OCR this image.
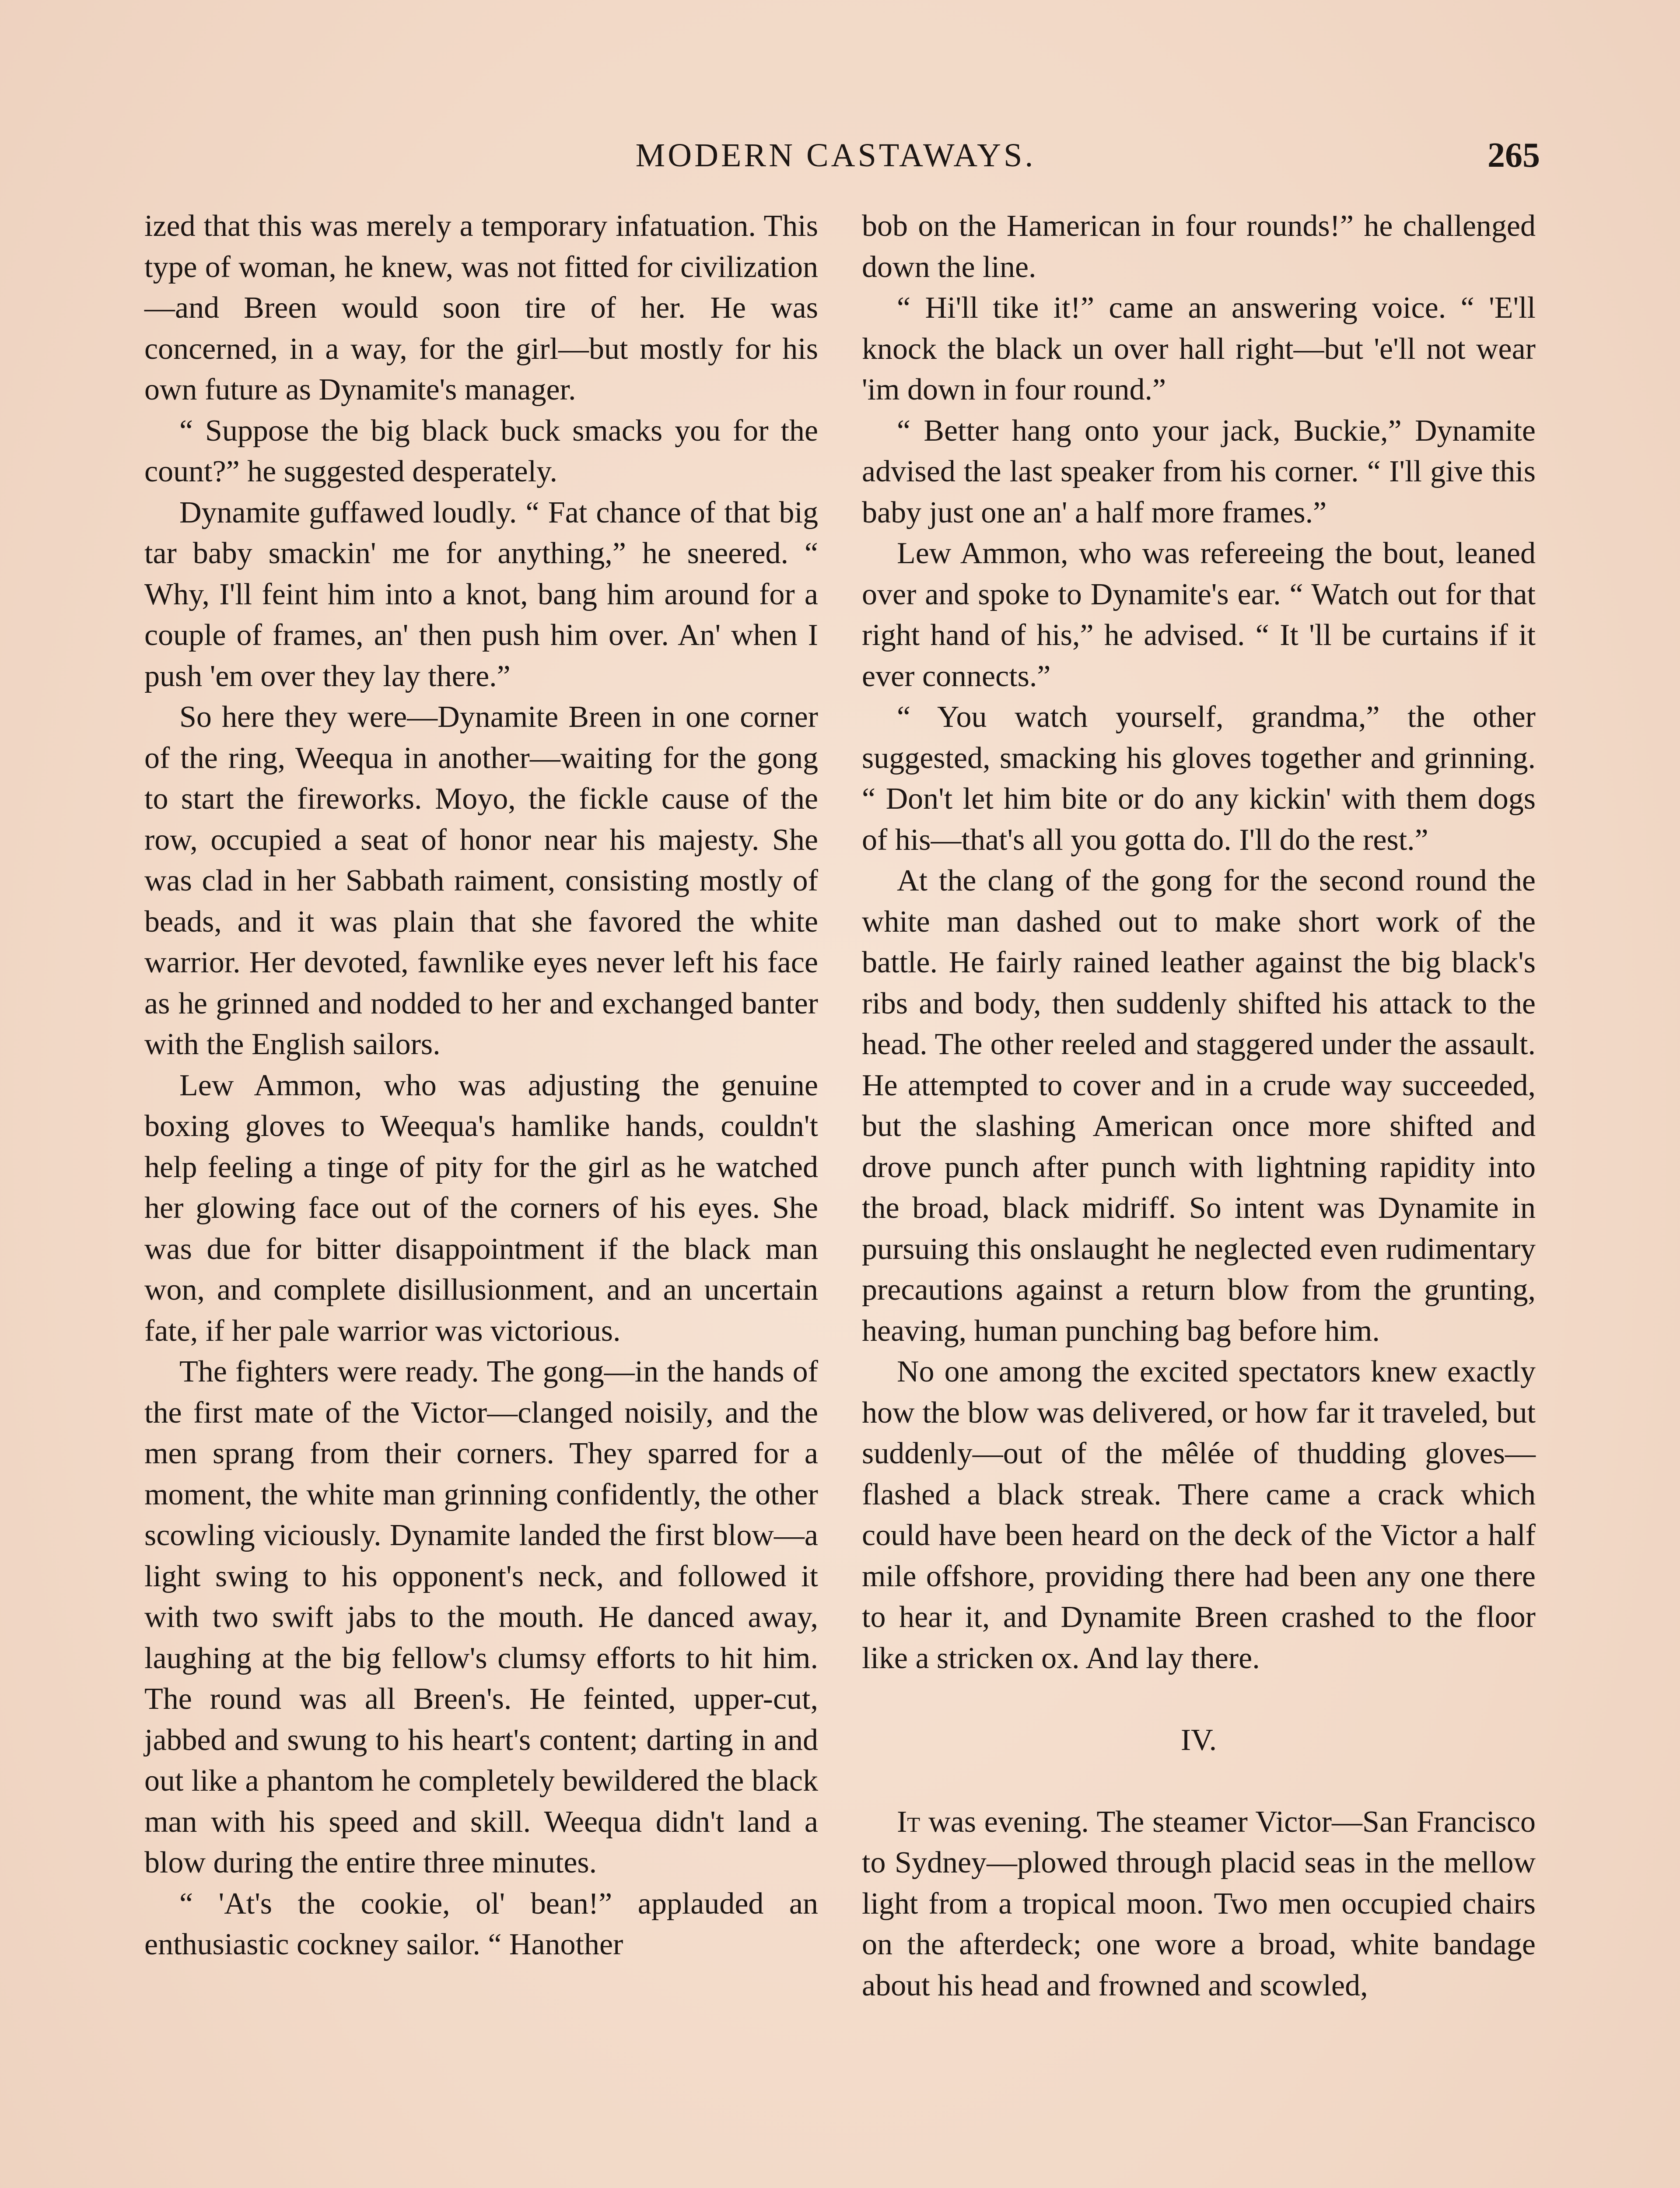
MODERN CASTAWAYS.	265

ized that this was merely a temporary infatuation. This type of woman, he knew, was not fitted for civilization—and Breen would soon tire of her. He was concerned, in a way, for the girl—but mostly for his own future as Dynamite's manager.

“ Suppose the big black buck smacks you for the count?” he suggested desperately.

Dynamite guffawed loudly. “ Fat chance of that big tar baby smackin' me for anything,” he sneered. “ Why, I'll feint him into a knot, bang him around for a couple of frames, an' then push him over. An' when I push 'em over they lay there.”

So here they were—Dynamite Breen in one corner of the ring, Weequa in another—waiting for the gong to start the fireworks. Moyo, the fickle cause of the row, occupied a seat of honor near his majesty. She was clad in her Sabbath raiment, consisting mostly of beads, and it was plain that she favored the white warrior. Her devoted, fawnlike eyes never left his face as he grinned and nodded to her and exchanged banter with the English sailors.

Lew Ammon, who was adjusting the genuine boxing gloves to Weequa's hamlike hands, couldn't help feeling a tinge of pity for the girl as he watched her glowing face out of the corners of his eyes. She was due for bitter disappointment if the black man won, and complete disillusionment, and an uncertain fate, if her pale warrior was victorious.

The fighters were ready. The gong—in the hands of the first mate of the Victor—clanged noisily, and the men sprang from their corners. They sparred for a moment, the white man grinning confidently, the other scowling viciously. Dynamite landed the first blow—a light swing to his opponent's neck, and followed it with two swift jabs to the mouth. He danced away, laughing at the big fellow's clumsy efforts to hit him. The round was all Breen's. He feinted, upper-cut, jabbed and swung to his heart's content; darting in and out like a phantom he completely bewildered the black man with his speed and skill. Weequa didn't land a blow during the entire three minutes.

“ 'At's the cookie, ol' bean!” applauded an enthusiastic cockney sailor. “ Hanother

bob on the Hamerican in four rounds!” he challenged down the line.

“ Hi'll tike it!” came an answering voice. “ 'E'll knock the black un over hall right—but 'e'll not wear 'im down in four round.”

“ Better hang onto your jack, Buckie,” Dynamite advised the last speaker from his corner. “ I'll give this baby just one an' a half more frames.”

Lew Ammon, who was refereeing the bout, leaned over and spoke to Dynamite's ear. “ Watch out for that right hand of his,” he advised. “ It 'll be curtains if it ever connects.”

“ You watch yourself, grandma,” the other suggested, smacking his gloves together and grinning. “ Don't let him bite or do any kickin' with them dogs of his—that's all you gotta do. I'll do the rest.”

At the clang of the gong for the second round the white man dashed out to make short work of the battle. He fairly rained leather against the big black's ribs and body, then suddenly shifted his attack to the head. The other reeled and staggered under the assault. He attempted to cover and in a crude way succeeded, but the slashing American once more shifted and drove punch after punch with lightning rapidity into the broad, black midriff. So intent was Dynamite in pursuing this onslaught he neglected even rudimentary precautions against a return blow from the grunting, heaving, human punching bag before him.

No one among the excited spectators knew exactly how the blow was delivered, or how far it traveled, but suddenly—out of the mêlée of thudding gloves—flashed a black streak. There came a crack which could have been heard on the deck of the Victor a half mile offshore, providing there had been any one there to hear it, and Dynamite Breen crashed to the floor like a stricken ox. And lay there.

IV.

It was evening. The steamer Victor—San Francisco to Sydney—plowed through placid seas in the mellow light from a tropical moon. Two men occupied chairs on the afterdeck; one wore a broad, white bandage about his head and frowned and scowled,
